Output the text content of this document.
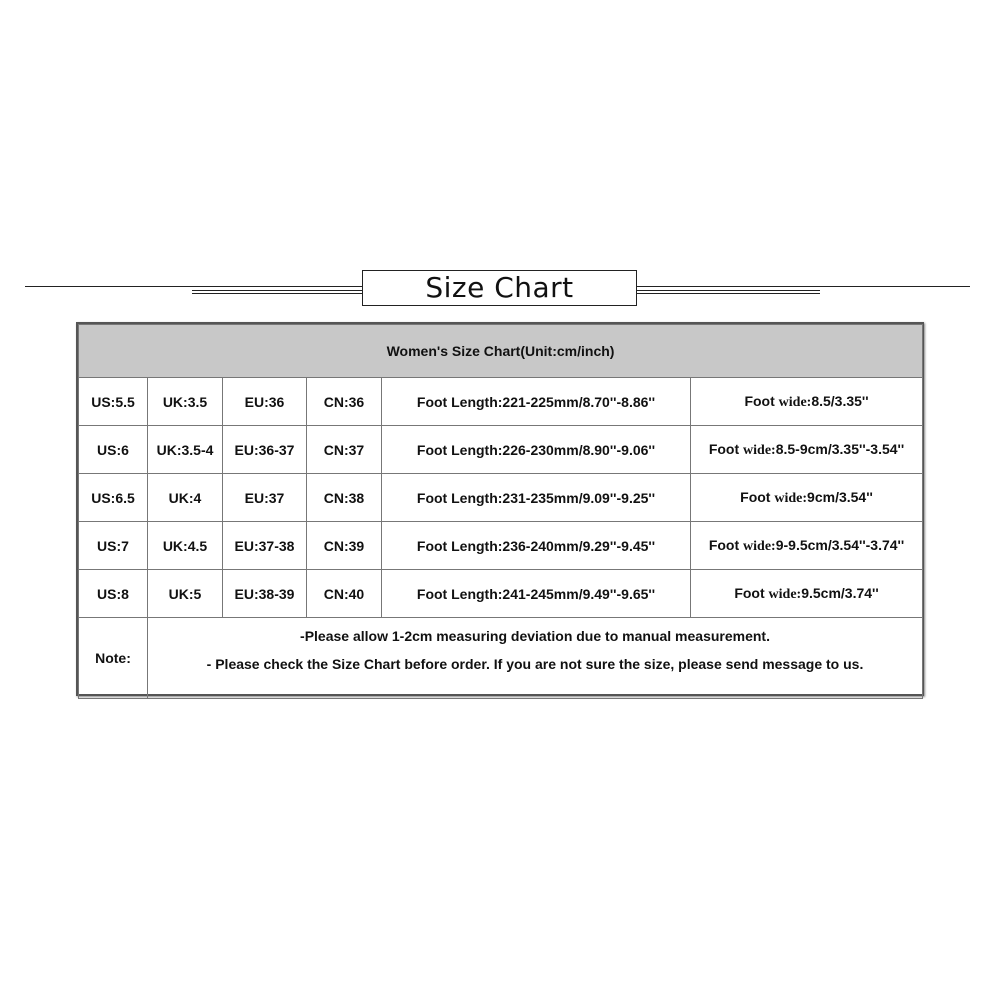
Size Chart
Women's Size Chart(Unit:cm/inch)					
US:5.5	UK:3.5	EU:36	CN:36	Foot Length:221-225mm/8.70''-8.86''	Foot wide:8.5/3.35''
US:6	UK:3.5-4	EU:36-37	CN:37	Foot Length:226-230mm/8.90''-9.06''	Foot wide:8.5-9cm/3.35''-3.54''
US:6.5	UK:4	EU:37	CN:38	Foot Length:231-235mm/9.09''-9.25''	Foot wide:9cm/3.54''
US:7	UK:4.5	EU:37-38	CN:39	Foot Length:236-240mm/9.29''-9.45''	Foot wide:9-9.5cm/3.54''-3.74''
US:8	UK:5	EU:38-39	CN:40	Foot Length:241-245mm/9.49''-9.65''	Foot wide:9.5cm/3.74''
Note:	-Please allow 1-2cm measuring deviation due to manual measurement.
- Please check the Size Chart before order. If you are not sure the size, please send message to us.				
